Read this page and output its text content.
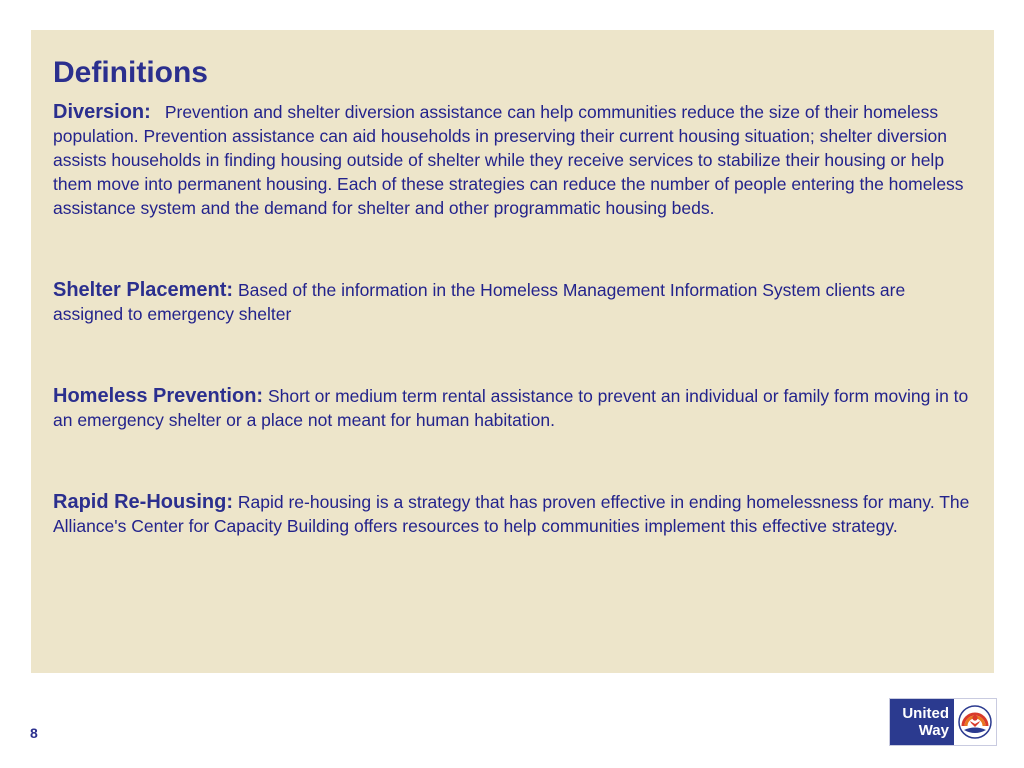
Definitions

Diversion: Prevention and shelter diversion assistance can help communities reduce the size of their homeless population. Prevention assistance can aid households in preserving their current housing situation; shelter diversion assists households in finding housing outside of shelter while they receive services to stabilize their housing or help them move into permanent housing. Each of these strategies can reduce the number of people entering the homeless assistance system and the demand for shelter and other programmatic housing beds.

Shelter Placement: Based of the information in the Homeless Management Information System clients are assigned to emergency shelter

Homeless Prevention: Short or medium term rental assistance to prevent an individual or family form moving in to an emergency shelter or a place not meant for human habitation.

Rapid Re-Housing: Rapid re-housing is a strategy that has proven effective in ending homelessness for many. The Alliance's Center for Capacity Building offers resources to help communities implement this effective strategy.

8
United
Way
